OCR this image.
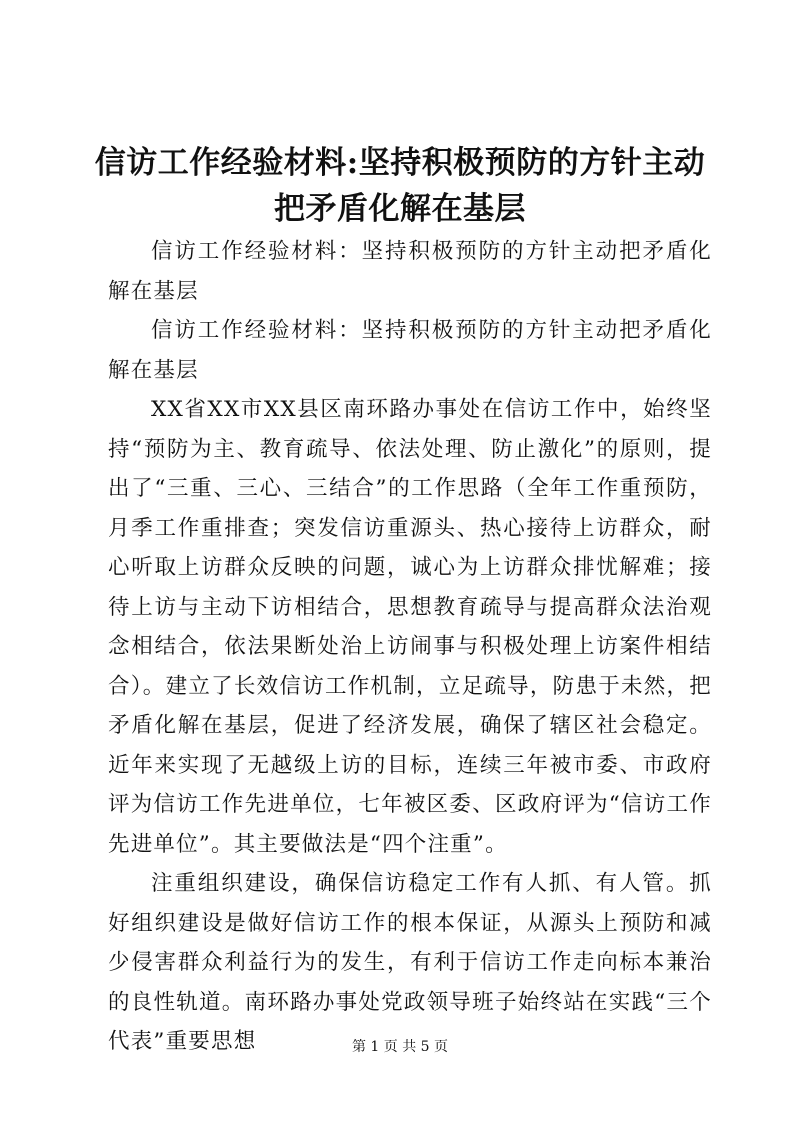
信访工作经验材料:坚持积极预防的方针主动
把矛盾化解在基层

信访工作经验材料：坚持积极预防的方针主动把矛盾化解在基层

信访工作经验材料：坚持积极预防的方针主动把矛盾化解在基层

XX省XX市XX县区南环路办事处在信访工作中，始终坚持“预防为主、教育疏导、依法处理、防止激化”的原则，提出了“三重、三心、三结合”的工作思路（全年工作重预防，月季工作重排查；突发信访重源头、热心接待上访群众，耐心听取上访群众反映的问题，诚心为上访群众排忧解难；接待上访与主动下访相结合，思想教育疏导与提高群众法治观念相结合，依法果断处治上访闹事与积极处理上访案件相结合）。建立了长效信访工作机制，立足疏导，防患于未然，把矛盾化解在基层，促进了经济发展，确保了辖区社会稳定。近年来实现了无越级上访的目标，连续三年被市委、市政府评为信访工作先进单位，七年被区委、区政府评为“信访工作先进单位”。其主要做法是“四个注重”。

注重组织建设，确保信访稳定工作有人抓、有人管。抓好组织建设是做好信访工作的根本保证，从源头上预防和减少侵害群众利益行为的发生，有利于信访工作走向标本兼治的良性轨道。南环路办事处党政领导班子始终站在实践“三个代表”重要思想	第 1 页 共 5 页
